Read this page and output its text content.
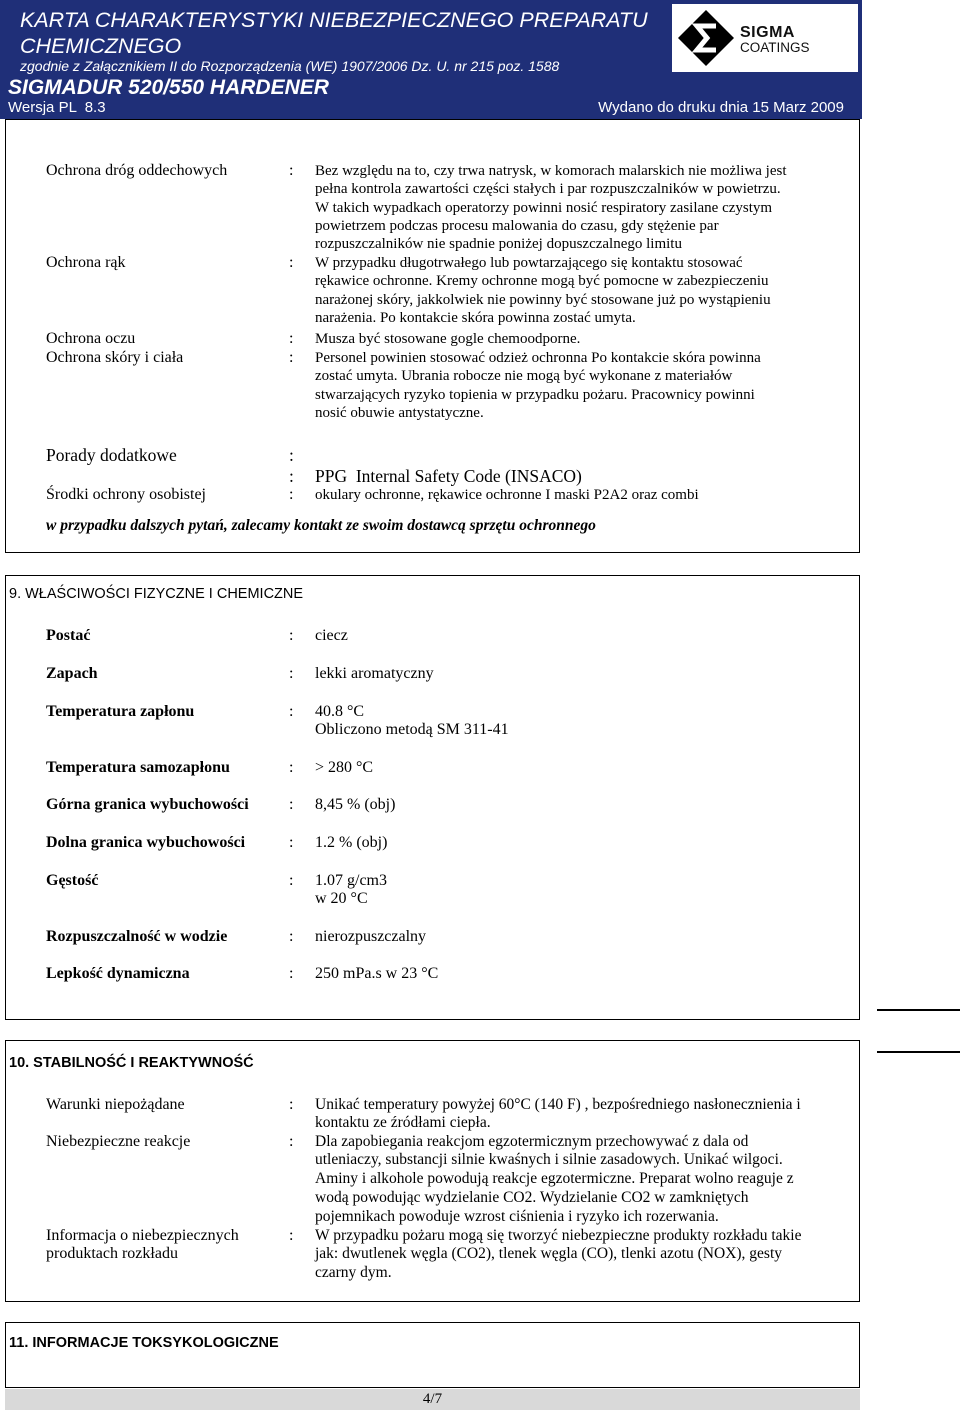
KARTA CHARAKTERYSTYKI NIEBEZPIECZNEGO PREPARATU
CHEMICZNEGO
zgodnie z Załącznikiem II do Rozporządzenia (WE) 1907/2006 Dz. U. nr 215 poz. 1588
SIGMADUR 520/550 HARDENER
Wersja PL  8.3	Wydano do druku dnia 15 Marz 2009
SIGMA
COATINGS
w przypadku dalszych pytań, zalecamy kontakt ze swoim dostawcą sprzętu ochronnego
Ochrona dróg oddechowych	: Bez względu na to, czy trwa natrysk, w komorach malarskich nie możliwa jest
pełna kontrola zawartości części stałych i par rozpuszczalników w powietrzu.
W takich wypadkach operatorzy powinni nosić respiratory zasilane czystym
powietrzem podczas procesu malowania do czasu, gdy stężenie par
rozpuszczalników nie spadnie poniżej dopuszczalnego limitu
Ochrona rąk	: W przypadku długotrwałego lub powtarzającego się kontaktu stosować
rękawice ochronne. Kremy ochronne mogą być pomocne w zabezpieczeniu
narażonej skóry, jakkolwiek nie powinny być stosowane już po wystąpieniu
narażenia. Po kontakcie skóra powinna zostać umyta.
Ochrona oczu	: Musza być stosowane gogle chemoodporne.
Ochrona skóry i ciała	: Personel powinien stosować odzież ochronna Po kontakcie skóra powinna
zostać umyta. Ubrania robocze nie mogą być wykonane z materiałów
stwarzających ryzyko topienia w przypadku pożaru. Pracownicy powinni
nosić obuwie antystatyczne.
Porady dodatkowe	:
: PPG  Internal Safety Code (INSACO)
Środki ochrony osobistej	: okulary ochronne, rękawice ochronne I maski P2A2 oraz combi
9. WŁAŚCIWOŚCI FIZYCZNE I CHEMICZNE
Postać	: ciecz
Zapach	: lekki aromatyczny
Temperatura zapłonu	: 40.8 °C
Obliczono metodą SM 311-41
Temperatura samozapłonu	: > 280 °C
Górna granica wybuchowości	: 8,45 % (obj)
Dolna granica wybuchowości	: 1.2 % (obj)
Gęstość	: 1.07 g/cm3
w 20 °C
Rozpuszczalność w wodzie	: nierozpuszczalny
Lepkość dynamiczna	: 250 mPa.s w 23 °C
10. STABILNOŚĆ I REAKTYWNOŚĆ
Warunki niepożądane	: Unikać temperatury powyżej 60°C (140 F) , bezpośredniego nasłonecznienia i
kontaktu ze źródłami ciepła.
Niebezpieczne reakcje	: Dla zapobiegania reakcjom egzotermicznym przechowywać z dala od
utleniaczy, substancji silnie kwaśnych i silnie zasadowych. Unikać wilgoci.
Aminy i alkohole powodują reakcje egzotermiczne. Preparat wolno reaguje z
wodą powodując wydzielanie CO2. Wydzielanie CO2 w zamkniętych
pojemnikach powoduje wzrost ciśnienia i ryzyko ich rozerwania.
Informacja o niebezpiecznych
produktach rozkładu
: W przypadku pożaru mogą się tworzyć niebezpieczne produkty rozkładu takie
jak: dwutlenek węgla (CO2), tlenek węgla (CO), tlenki azotu (NOX), gesty
czarny dym.
11. INFORMACJE TOKSYKOLOGICZNE
4/7
